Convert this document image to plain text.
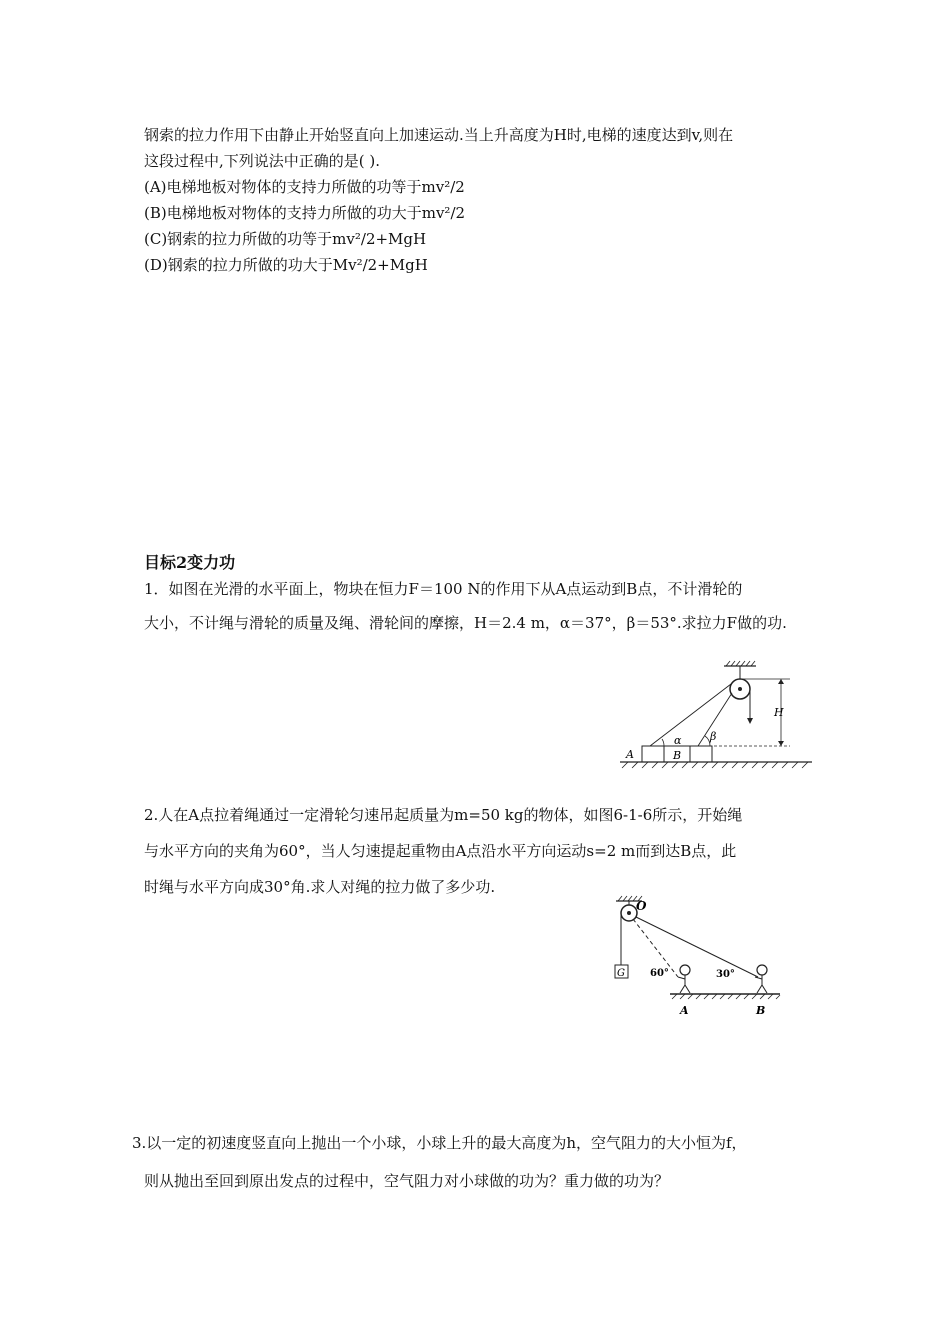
钢索的拉力作用下由静止开始竖直向上加速运动.当上升高度为H时,电梯的速度达到v,则在
这段过程中,下列说法中正确的是( ).
(A)电梯地板对物体的支持力所做的功等于mv²/2
(B)电梯地板对物体的支持力所做的功大于mv²/2
(C)钢索的拉力所做的功等于mv²/2+MgH
(D)钢索的拉力所做的功大于Mv²/2+MgH
目标2变力功
1．如图在光滑的水平面上，物块在恒力F＝100 N的作用下从A点运动到B点，不计滑轮的
大小，不计绳与滑轮的质量及绳、滑轮间的摩擦，H＝2.4 m，α＝37°，β＝53°.求拉力F做的功.
H
α	β
A	B
2.人在A点拉着绳通过一定滑轮匀速吊起质量为m=50 kg的物体，如图6-1-6所示，开始绳
与水平方向的夹角为60°，当人匀速提起重物由A点沿水平方向运动s=2 m而到达B点，此
时绳与水平方向成30°角.求人对绳的拉力做了多少功.
O
G	60°	30°
A	B
3.以一定的初速度竖直向上抛出一个小球，小球上升的最大高度为h，空气阻力的大小恒为f，
则从抛出至回到原出发点的过程中，空气阻力对小球做的功为？重力做的功为？
